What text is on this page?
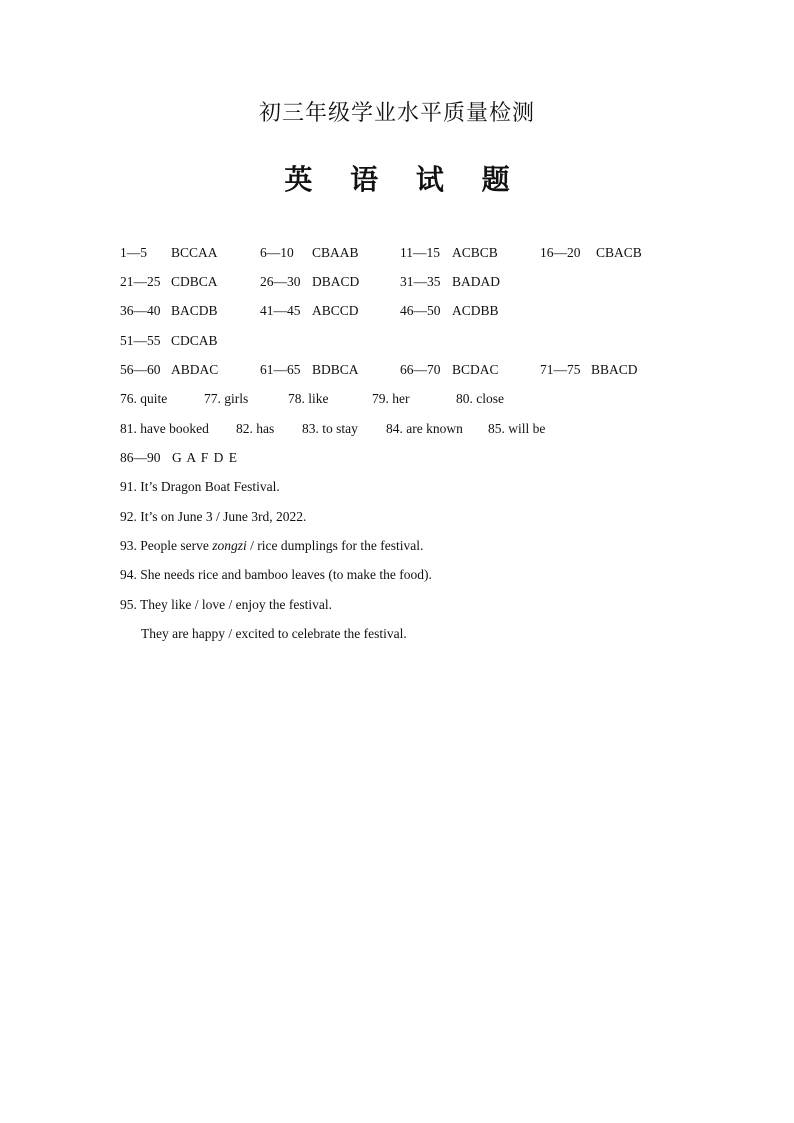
初三年级学业水平质量检测
英 语 试 题
1—5 BCCAA	6—10 CBAAB	11—15 ACBCB	16—20 CBACB
21—25 CDBCA	26—30 DBACD	31—35 BADAD
36—40 BACDB	41—45 ABCCD	46—50 ACDBB
51—55 CDCAB
56—60 ABDAC	61—65 BDBCA	66—70 BCDAC	71—75 BBACD
76. quite	77. girls	78. like	79. her	80. close
81. have booked 82. has 83. to stay 84. are known 85. will be
86—90 G A F D E
91. It’s Dragon Boat Festival.
92. It’s on June 3 / June 3rd, 2022.
93. People serve zongzi / rice dumplings for the festival.
94. She needs rice and bamboo leaves (to make the food).
95. They like / love / enjoy the festival.
They are happy / excited to celebrate the festival.
